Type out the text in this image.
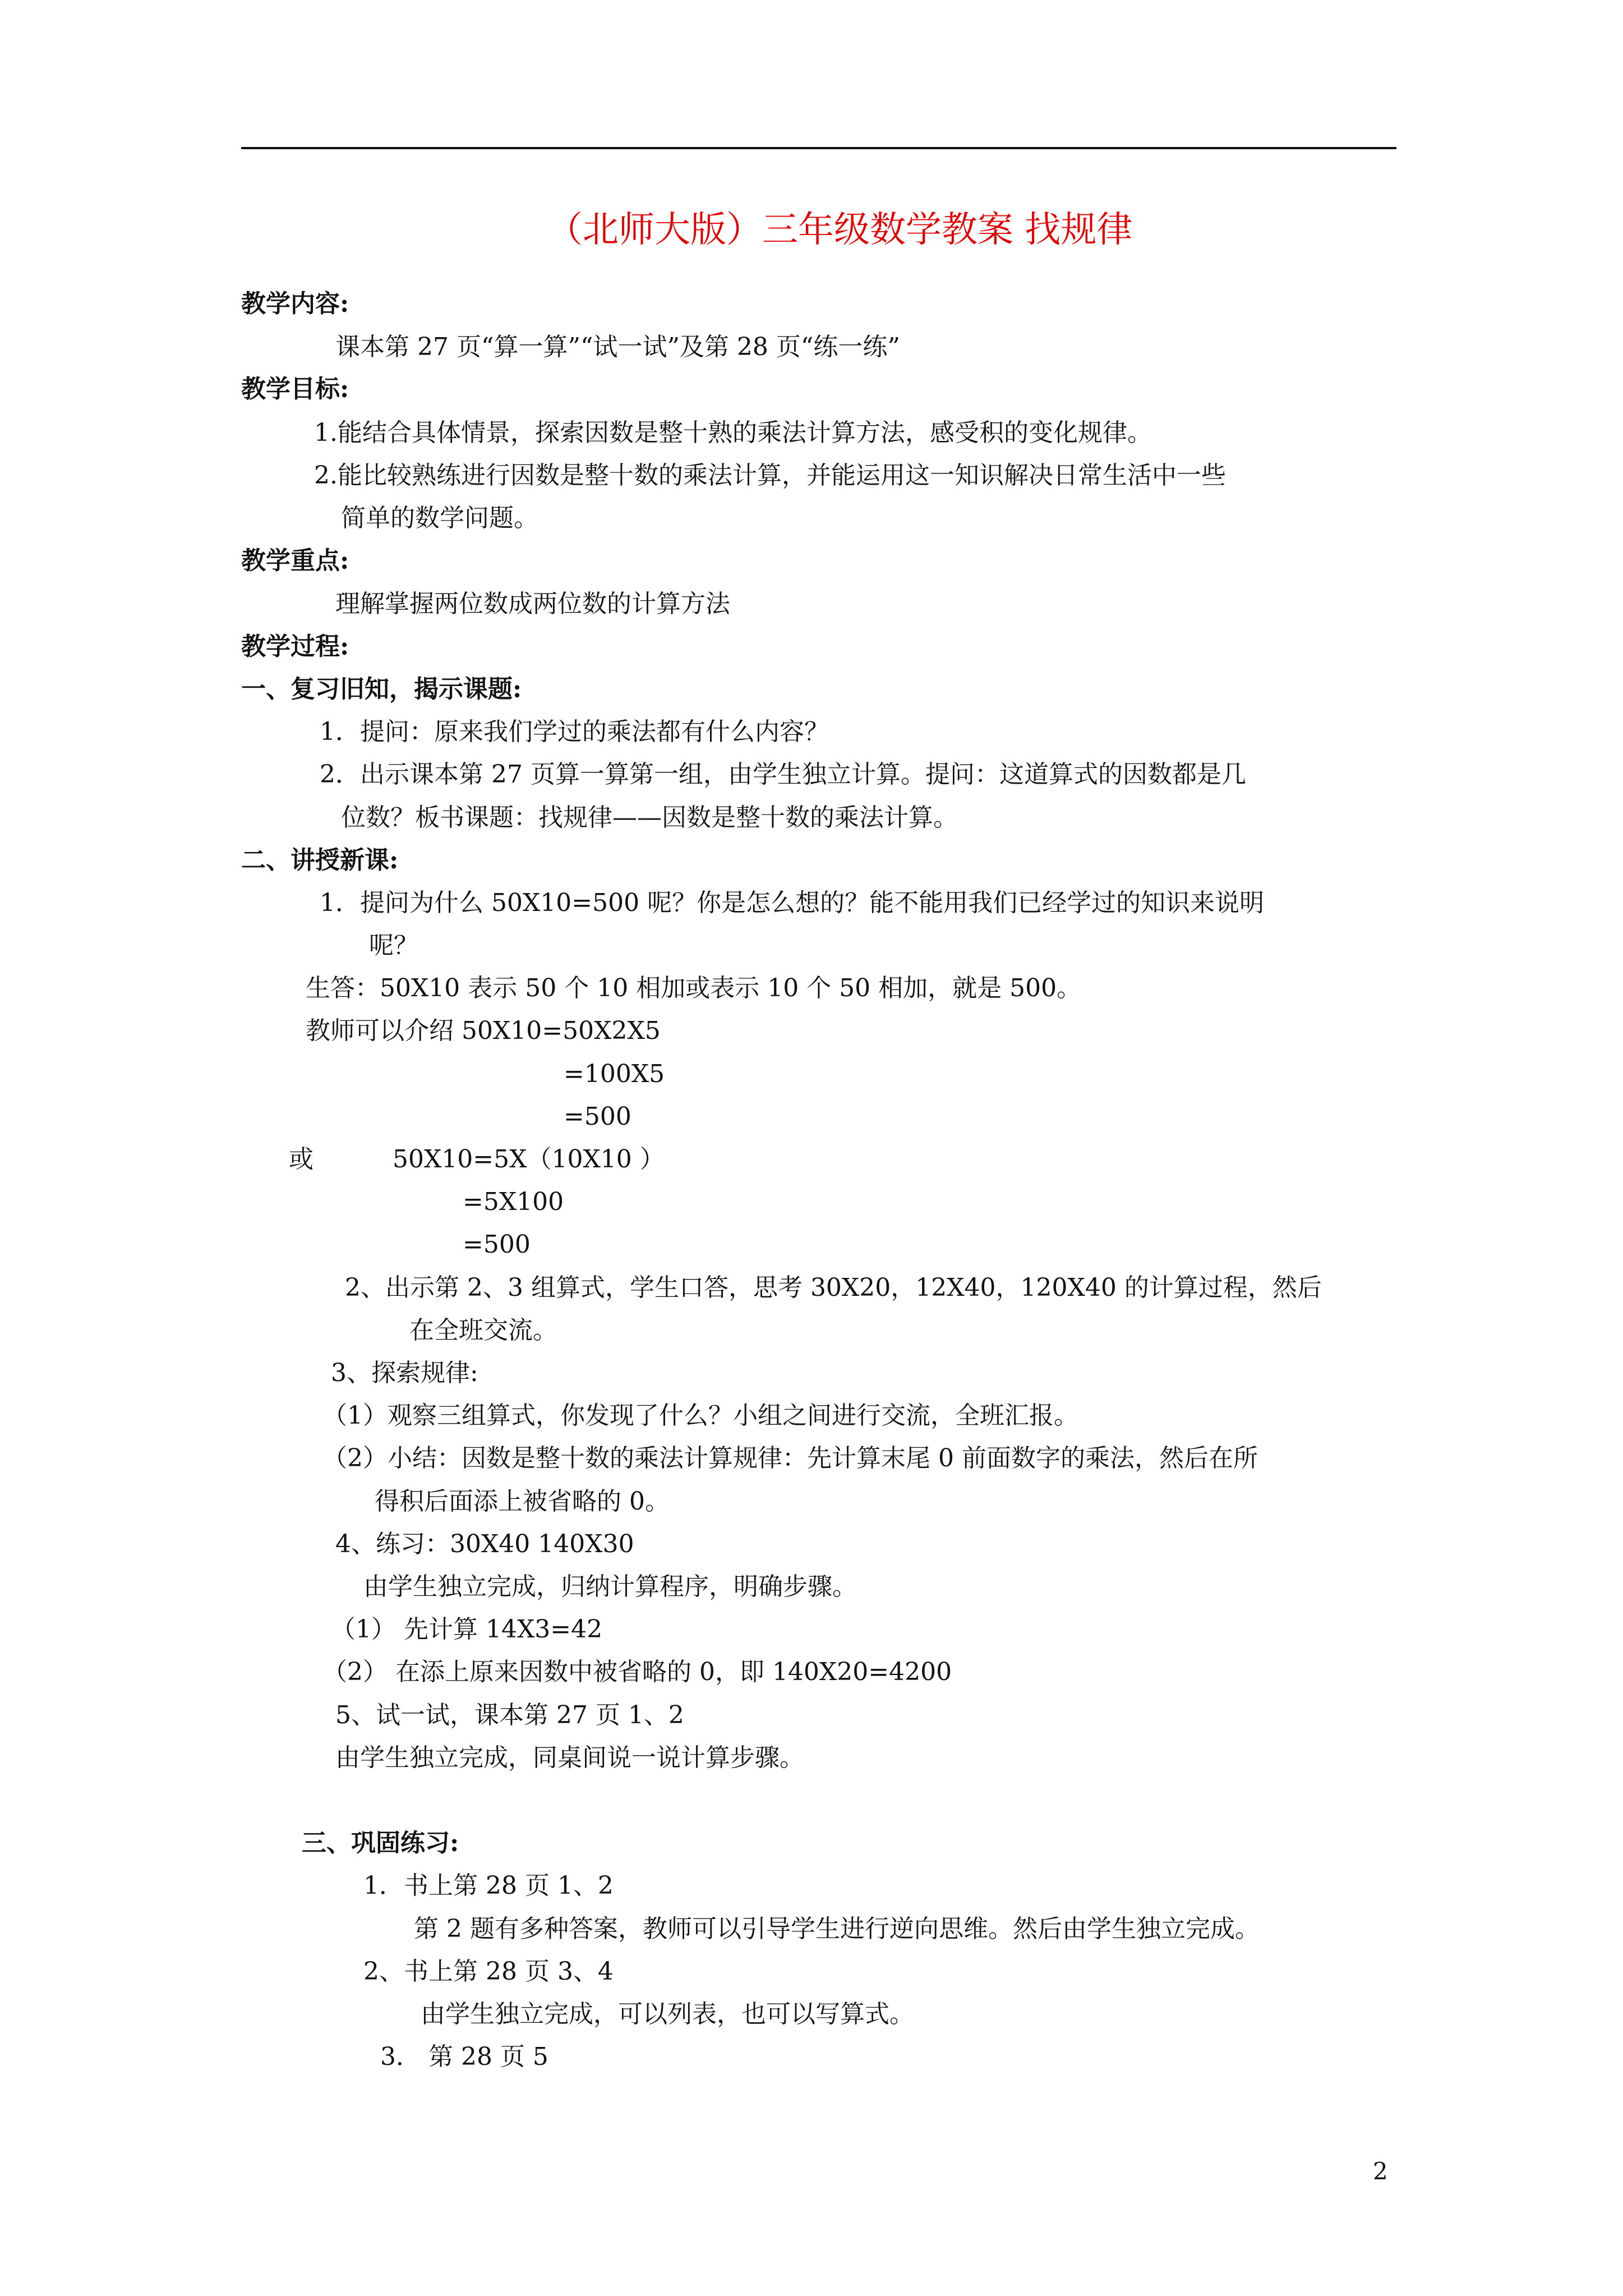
（北师大版）三年级数学教案 找规律
教学内容:
课本第 27 页“算一算”“试一试”及第 28 页“练一练”
教学目标:
1.能结合具体情景，探索因数是整十熟的乘法计算方法，感受积的变化规律。
2.能比较熟练进行因数是整十数的乘法计算，并能运用这一知识解决日常生活中一些
简单的数学问题。
教学重点:
理解掌握两位数成两位数的计算方法
教学过程:
一、复习旧知，揭示课题:
1．提问：原来我们学过的乘法都有什么内容？
2．出示课本第 27 页算一算第一组，由学生独立计算。提问：这道算式的因数都是几
位数？板书课题：找规律——因数是整十数的乘法计算。
二、讲授新课:
1．提问为什么 50X10=500 呢？你是怎么想的？能不能用我们已经学过的知识来说明
呢？
生答：50X10 表示 50 个 10 相加或表示 10 个 50 相加，就是 500。
教师可以介绍 50X10=50X2X5
=100X5
=500
或	50X10=5X（10X10 ）
=5X100
=500
2、出示第 2、3 组算式，学生口答，思考 30X20，12X40，120X40 的计算过程，然后
在全班交流。
3、探索规律:
（1）观察三组算式，你发现了什么？小组之间进行交流，全班汇报。
（2）小结：因数是整十数的乘法计算规律：先计算末尾 0 前面数字的乘法，然后在所
得积后面添上被省略的 0。
4、练习：30X40 140X30
由学生独立完成，归纳计算程序，明确步骤。
（1） 先计算 14X3=42
（2） 在添上原来因数中被省略的 0，即 140X20=4200
5、试一试，课本第 27 页 1、2
由学生独立完成，同桌间说一说计算步骤。
三、巩固练习:
1．书上第 28 页 1、2
第 2 题有多种答案，教师可以引导学生进行逆向思维。然后由学生独立完成。
2、书上第 28 页 3、4
由学生独立完成，可以列表，也可以写算式。
3． 第 28 页 5
2
